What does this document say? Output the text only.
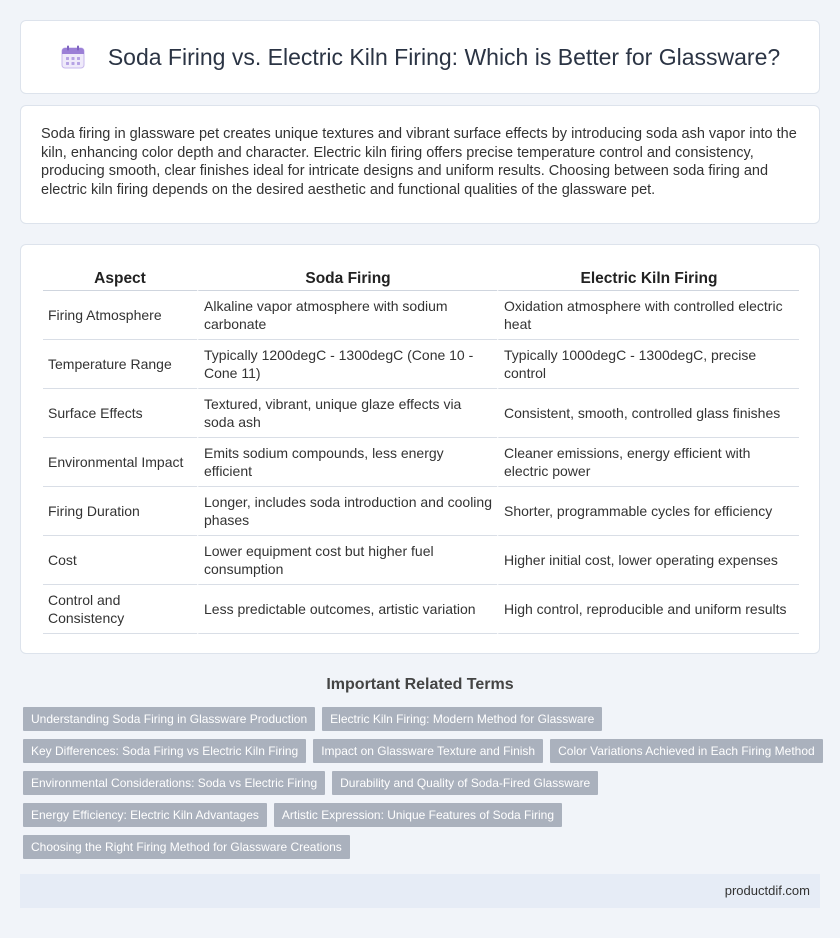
Soda Firing vs. Electric Kiln Firing: Which is Better for Glassware?

Soda firing in glassware pet creates unique textures and vibrant surface effects by introducing soda ash vapor into the kiln, enhancing color depth and character. Electric kiln firing offers precise temperature control and consistency, producing smooth, clear finishes ideal for intricate designs and uniform results. Choosing between soda firing and electric kiln firing depends on the desired aesthetic and functional qualities of the glassware pet.

Aspect	Soda Firing	Electric Kiln Firing
Firing Atmosphere	Alkaline vapor atmosphere with sodium carbonate	Oxidation atmosphere with controlled electric heat
Temperature Range	Typically 1200degC - 1300degC (Cone 10 - Cone 11)	Typically 1000degC - 1300degC, precise control
Surface Effects	Textured, vibrant, unique glaze effects via soda ash	Consistent, smooth, controlled glass finishes
Environmental Impact	Emits sodium compounds, less energy efficient	Cleaner emissions, energy efficient with electric power
Firing Duration	Longer, includes soda introduction and cooling phases	Shorter, programmable cycles for efficiency
Cost	Lower equipment cost but higher fuel consumption	Higher initial cost, lower operating expenses
Control and Consistency	Less predictable outcomes, artistic variation	High control, reproducible and uniform results
Important Related Terms
Understanding Soda Firing in Glassware Production	Electric Kiln Firing: Modern Method for Glassware
Key Differences: Soda Firing vs Electric Kiln Firing	Impact on Glassware Texture and Finish	Color Variations Achieved in Each Firing Method
Environmental Considerations: Soda vs Electric Firing	Durability and Quality of Soda-Fired Glassware
Energy Efficiency: Electric Kiln Advantages	Artistic Expression: Unique Features of Soda Firing
Choosing the Right Firing Method for Glassware Creations
productdif.com
